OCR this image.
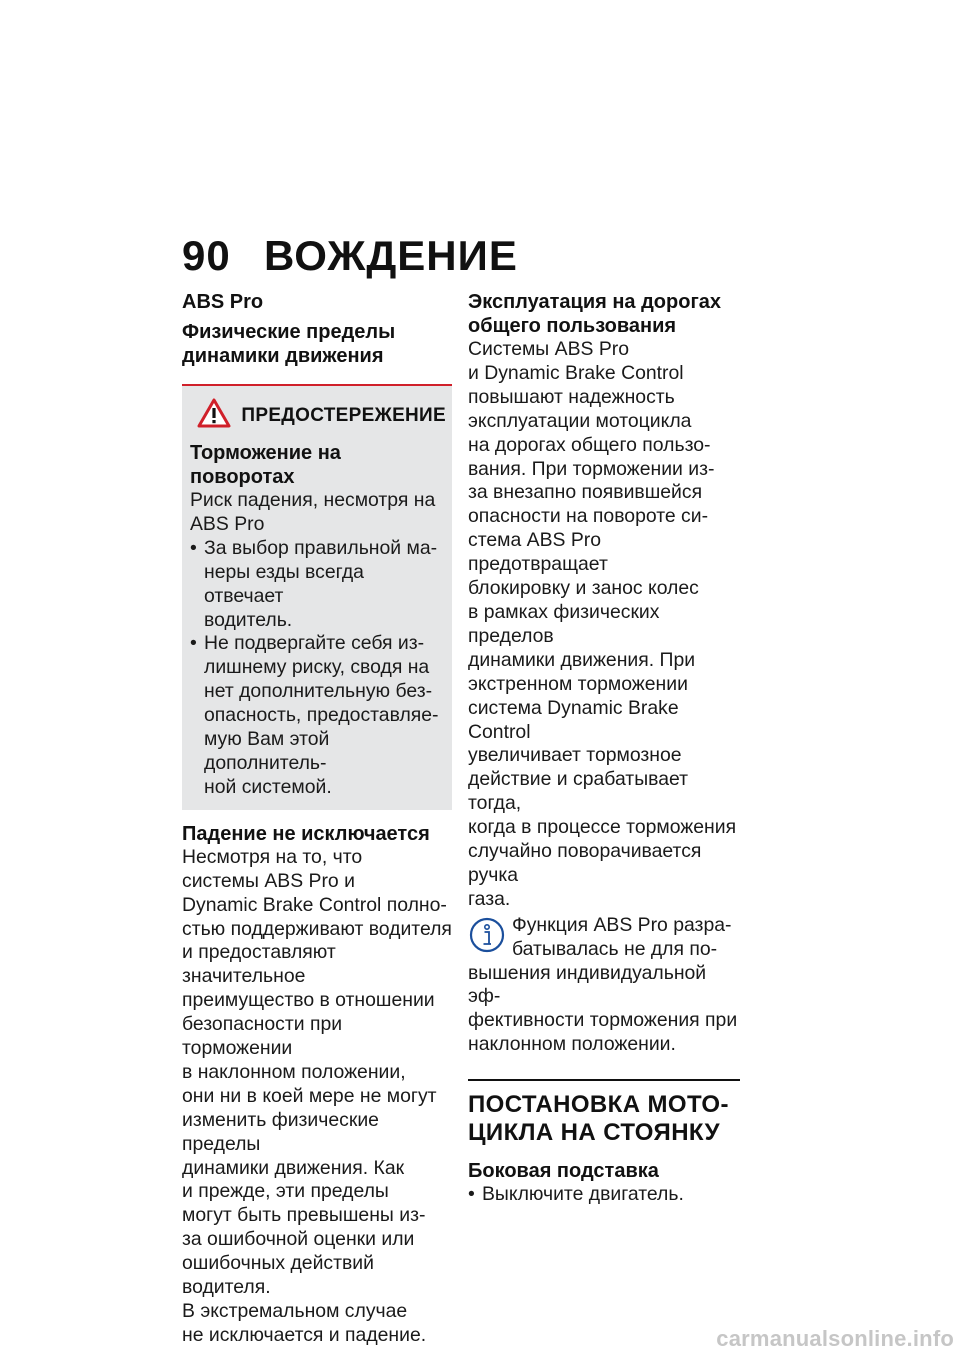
90 ВОЖДЕНИЕ
ABS Pro
Физические пределы
динамики движения
ПРЕДОСТЕРЕЖЕНИЕ
Торможение на поворотах
Риск падения, несмотря на
ABS Pro
• За выбор правильной ма-
неры езды всегда отвечает
водитель.
• Не подвергайте себя из-
лишнему риску, сводя на
нет дополнительную без-
опасность, предоставляе-
мую Вам этой дополнитель-
ной системой.
Падение не исключается
Несмотря на то, что
системы ABS Pro и
Dynamic Brake Control полно-
стью поддерживают водителя
и предоставляют значительное
преимущество в отношении
безопасности при торможении
в наклонном положении,
они ни в коей мере не могут
изменить физические пределы
динамики движения. Как
и прежде, эти пределы
могут быть превышены из-
за ошибочной оценки или
ошибочных действий водителя.
В экстремальном случае
не исключается и падение.
Эксплуатация на дорогах
общего пользования
Системы ABS Pro
и Dynamic Brake Control
повышают надежность
эксплуатации мотоцикла
на дорогах общего пользо-
вания. При торможении из-
за внезапно появившейся
опасности на повороте си-
стема ABS Pro предотвращает
блокировку и занос колес
в рамках физических пределов
динамики движения. При
экстренном торможении
система Dynamic Brake Control
увеличивает тормозное
действие и срабатывает тогда,
когда в процессе торможения
случайно поворачивается ручка
газа.
Функция ABS Pro разра-
батывалась не для по-
вышения индивидуальной эф-
фективности торможения при
наклонном положении.
ПОСТАНОВКА МОТО-
ЦИКЛА НА СТОЯНКУ
Боковая подставка
• Выключите двигатель.
carmanualsonline.info
